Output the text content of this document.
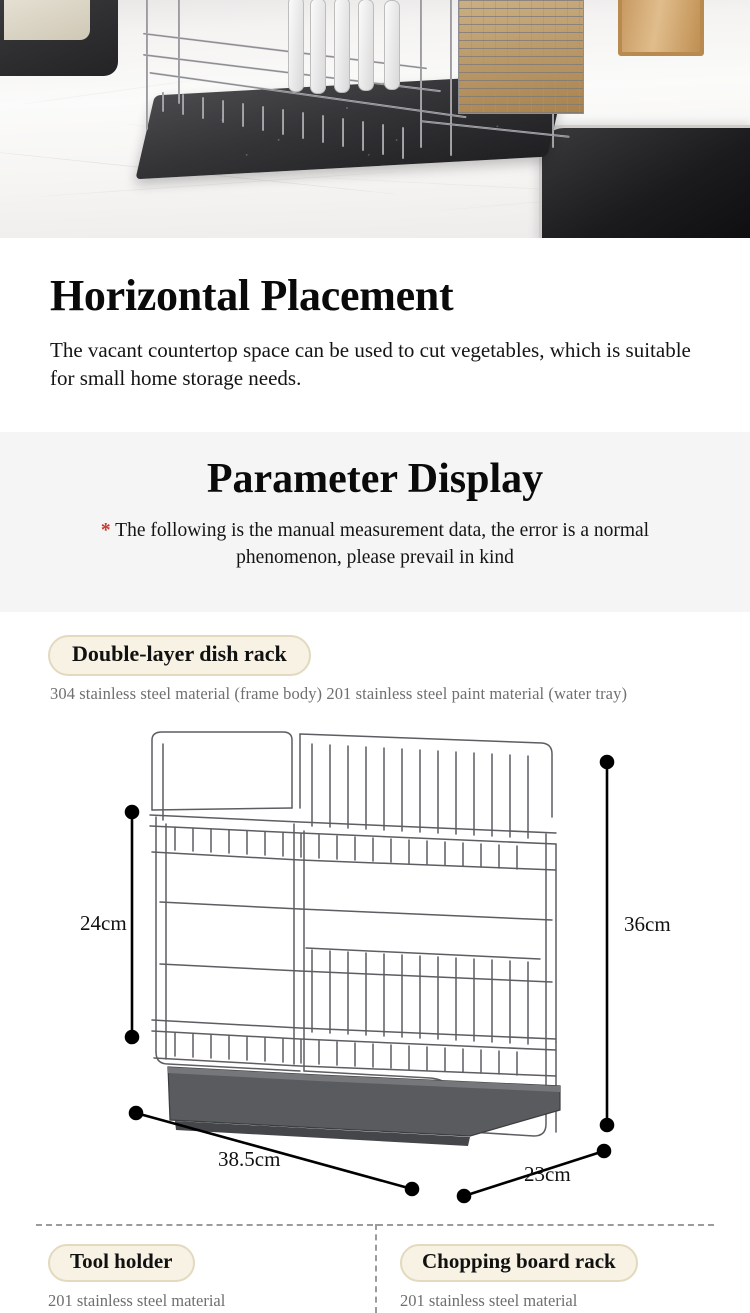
Horizontal Placement
The vacant countertop space can be used to cut vegetables, which is suitable for small home storage needs.
Parameter Display
* The following is the manual measurement data, the error is a normal phenomenon, please prevail in kind
Double-layer dish rack
304 stainless steel material (frame body) 201 stainless steel paint material (water tray)
24cm	36cm
38.5cm
23cm
Tool holder
201 stainless steel material
Chopping board rack
201 stainless steel material
